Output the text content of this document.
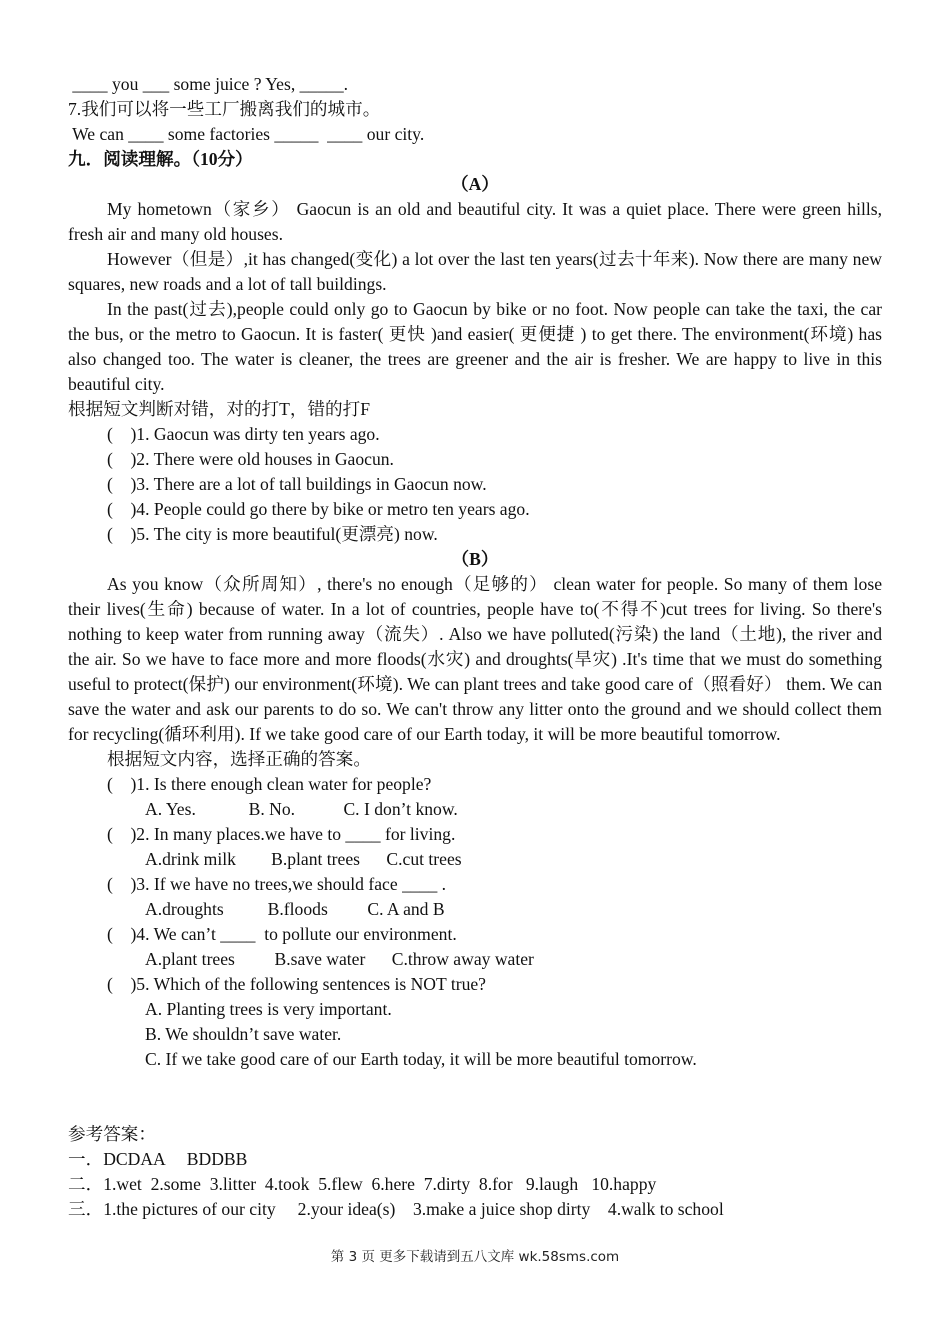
____ you ___ some juice ? Yes, _____.
7.我们可以将一些工厂搬离我们的城市。
We can ____ some factories _____  ____ our city.
九．阅读理解。（10分）
（A）
My hometown（家乡） Gaocun is an old and beautiful city. It was a quiet place. There were green hills, fresh air and many old houses.
However（但是）,it has changed(变化) a lot over the last ten years(过去十年来). Now there are many new squares, new roads and a lot of tall buildings.
In the past(过去),people could only go to Gaocun by bike or no foot. Now people can take the taxi, the car the bus, or the metro to Gaocun. It is faster( 更快 )and easier( 更便捷 ) to get there. The environment(环境) has also changed too. The water is cleaner, the trees are greener and the air is fresher. We are happy to live in this beautiful city.
根据短文判断对错，对的打T，错的打F
(    )1. Gaocun was dirty ten years ago.
(    )2. There were old houses in Gaocun.
(    )3. There are a lot of tall buildings in Gaocun now.
(    )4. People could go there by bike or metro ten years ago.
(    )5. The city is more beautiful(更漂亮) now.
（B）
As you know（众所周知）, there's no enough（足够的） clean water for people. So many of them lose their lives(生命) because of water. In a lot of countries, people have to(不得不)cut trees for living. So there's nothing to keep water from running away（流失）. Also we have polluted(污染) the land（土地), the river and the air. So we have to face more and more floods(水灾) and droughts(旱灾) .It's time that we must do something useful to protect(保护) our environment(环境). We can plant trees and take good care of（照看好） them. We can save the water and ask our parents to do so. We can't throw any litter onto the ground and we should collect them for recycling(循环利用). If we take good care of our Earth today, it will be more beautiful tomorrow.
根据短文内容，选择正确的答案。
(    )1. Is there enough clean water for people?
A. Yes.            B. No.           C. I don’t know.
(    )2. In many places.we have to ____ for living.
A.drink milk        B.plant trees      C.cut trees
(    )3. If we have no trees,we should face ____ .
A.droughts          B.floods         C. A and B
(    )4. We can’t ____  to pollute our environment.
A.plant trees         B.save water      C.throw away water
(    )5. Which of the following sentences is NOT true?
A. Planting trees is very important.
B. We shouldn’t save water.
C. If we take good care of our Earth today, it will be more beautiful tomorrow.
参考答案：
一．DCDAA     BDDBB
二．1.wet  2.some  3.litter  4.took  5.flew  6.here  7.dirty  8.for   9.laugh   10.happy
三．1.the pictures of our city     2.your idea(s)    3.make a juice shop dirty    4.walk to school
第 3 页 更多下载请到五八文库 wk.58sms.com
